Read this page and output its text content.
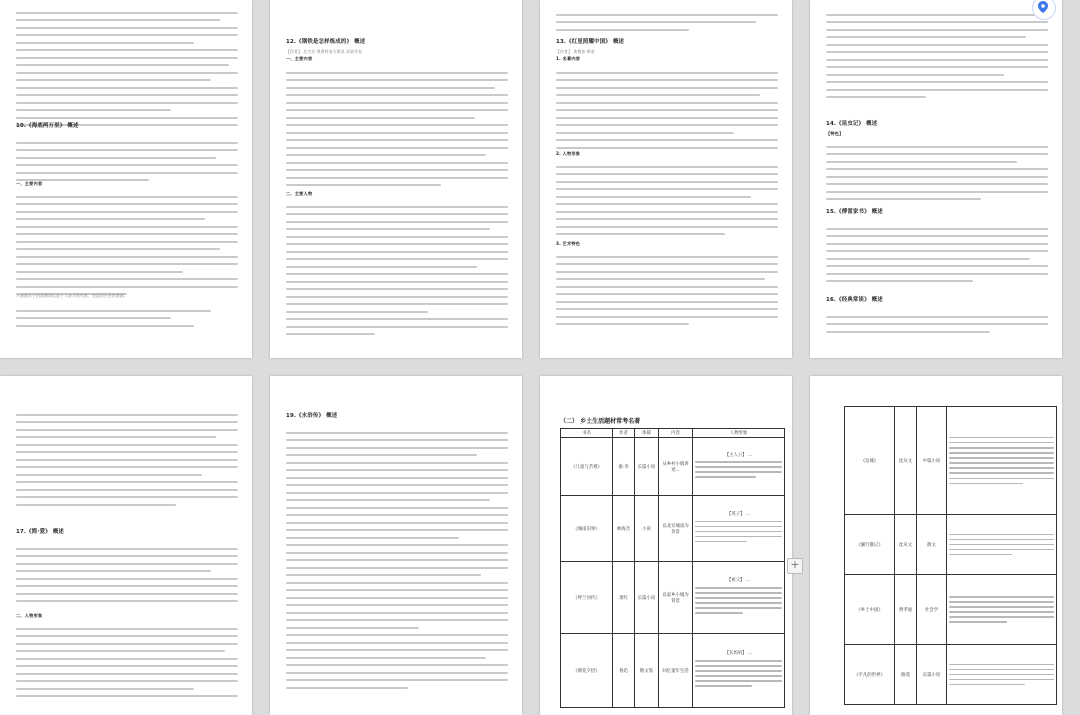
10.《海底两万里》 概述
一、主要内容
＊骆驼祥子的悲剧命运是个人奋斗的失败，也是旧社会的悲剧。
12.《钢铁是怎样炼成的》 概述
【作者】 尼古拉·奥斯特洛夫斯基 苏联作家
一、主要内容
二、主要人物
13.《红星照耀中国》 概述
【作者】 埃德加·斯诺
1. 名著内容
2. 人物形象
3. 艺术特色
14.《昆虫记》 概述
【特色】
15.《傅雷家书》 概述
16.《经典常谈》 概述
17.《简·爱》 概述
二、人物形象
19.《水浒传》 概述
（二） 乡土生活题材常考名著
书名	作者	体裁	内容	人物形象
《儿童与苦难》	康·李	长篇小说	从乡村小镇讲述...	【主人公】 ...

《城南旧事》	林海音	小说	以北京城南为背景	【英子】 ...

《呼兰河传》	萧红	长篇小说	以家乡小城为背景	【祖父】 ...

《朝花夕拾》	鲁迅	散文集	回忆童年生活	【长妈妈】 ...
+
《边城》	沈从文	中篇小说	

《湘行散记》	沈从文	散文	

《乡土中国》	费孝通	社会学	

《平凡的世界》	路遥	长篇小说	
